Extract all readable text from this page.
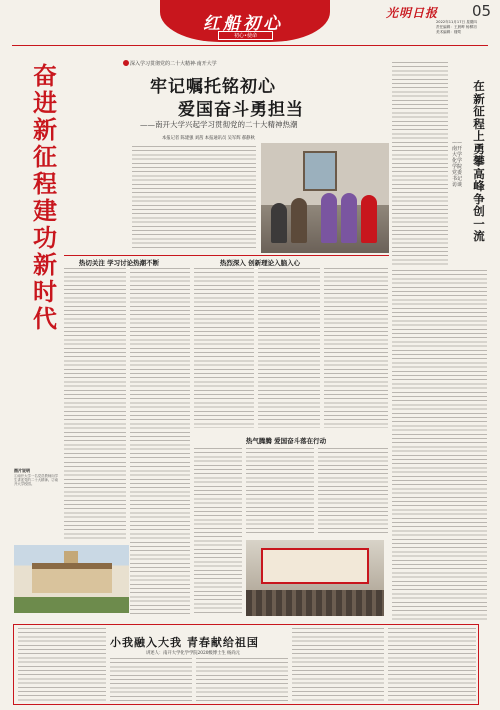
红船初心
初心•使命
光明日报 05
2022年11月17日 星期四
责任编辑：王晨晔 杨柳初
美术编辑：楼莺
奋进新征程 建功新时代
深入学习贯彻党的二十大精神·南开大学
牢记嘱托铭初心
爱国奋斗勇担当
——南开大学兴起学习贯彻党的二十大精神热潮
本报记者 陈建强 刘茜 本报通讯员 吴军辉 郝静秋
在新征程上勇攀高峰争创一流
——南开大学化学学院党委书记访谈
热切关注 学习讨论热潮不断	热烈深入 创新理论入脑入心
热气腾腾 爱国奋斗落在行动
图片说明
①南开大学一名党员教师向学生讲述党的二十大精神。②南开大学校园。
小我融入大我 青春献给祖国
讲述人：南开大学化学学院2020级博士生 杨尚元
